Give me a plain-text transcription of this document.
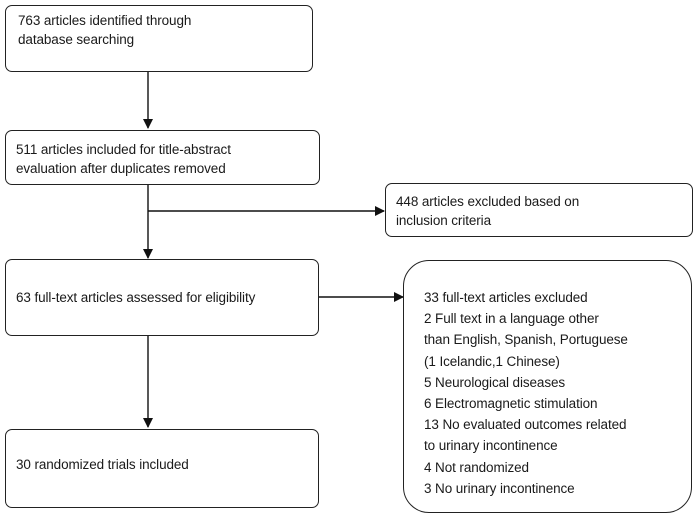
763 articles identified through
database searching
511 articles included for title-abstract
evaluation after duplicates removed
448 articles excluded based on
inclusion criteria
63 full-text articles assessed for eligibility	33 full-text articles excluded
2 Full text in a language other
than English, Spanish, Portuguese
(1 Icelandic,1 Chinese)
5 Neurological diseases
6 Electromagnetic stimulation
13 No evaluated outcomes related
to urinary incontinence
4 Not randomized
3 No urinary incontinence
30 randomized trials included
